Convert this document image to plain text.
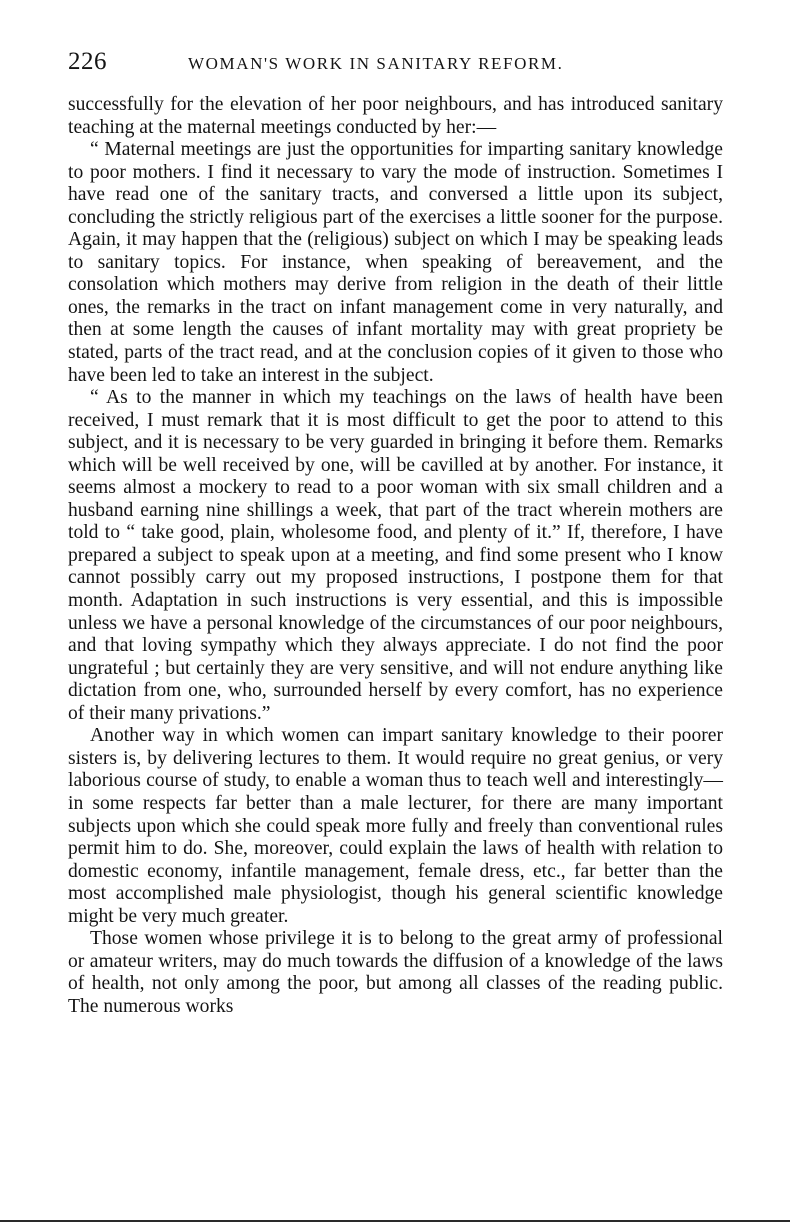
226	WOMAN'S WORK IN SANITARY REFORM.

successfully for the elevation of her poor neighbours, and has introduced sanitary teaching at the maternal meetings conducted by her:—

“ Maternal meetings are just the opportunities for imparting sanitary knowledge to poor mothers. I find it necessary to vary the mode of instruction. Sometimes I have read one of the sanitary tracts, and conversed a little upon its subject, concluding the strictly religious part of the exercises a little sooner for the purpose. Again, it may happen that the (religious) subject on which I may be speaking leads to sanitary topics. For instance, when speaking of bereavement, and the consolation which mothers may derive from religion in the death of their little ones, the remarks in the tract on infant management come in very naturally, and then at some length the causes of infant mortality may with great propriety be stated, parts of the tract read, and at the conclusion copies of it given to those who have been led to take an interest in the subject.

“ As to the manner in which my teachings on the laws of health have been received, I must remark that it is most difficult to get the poor to attend to this subject, and it is necessary to be very guarded in bringing it before them. Remarks which will be well received by one, will be cavilled at by another. For instance, it seems almost a mockery to read to a poor woman with six small children and a husband earning nine shillings a week, that part of the tract wherein mothers are told to “ take good, plain, wholesome food, and plenty of it.” If, therefore, I have prepared a subject to speak upon at a meeting, and find some present who I know cannot possibly carry out my proposed instructions, I postpone them for that month. Adaptation in such instructions is very essential, and this is impossible unless we have a personal knowledge of the circumstances of our poor neighbours, and that loving sympathy which they always appreciate. I do not find the poor ungrateful ; but certainly they are very sensitive, and will not endure anything like dictation from one, who, surrounded herself by every comfort, has no experience of their many privations.”

Another way in which women can impart sanitary knowledge to their poorer sisters is, by delivering lectures to them. It would require no great genius, or very laborious course of study, to enable a woman thus to teach well and interestingly—in some respects far better than a male lecturer, for there are many important subjects upon which she could speak more fully and freely than conventional rules permit him to do. She, moreover, could explain the laws of health with relation to domestic economy, infantile management, female dress, etc., far better than the most accomplished male physiologist, though his general scientific knowledge might be very much greater.

Those women whose privilege it is to belong to the great army of professional or amateur writers, may do much towards the diffusion of a knowledge of the laws of health, not only among the poor, but among all classes of the reading public. The numerous works
